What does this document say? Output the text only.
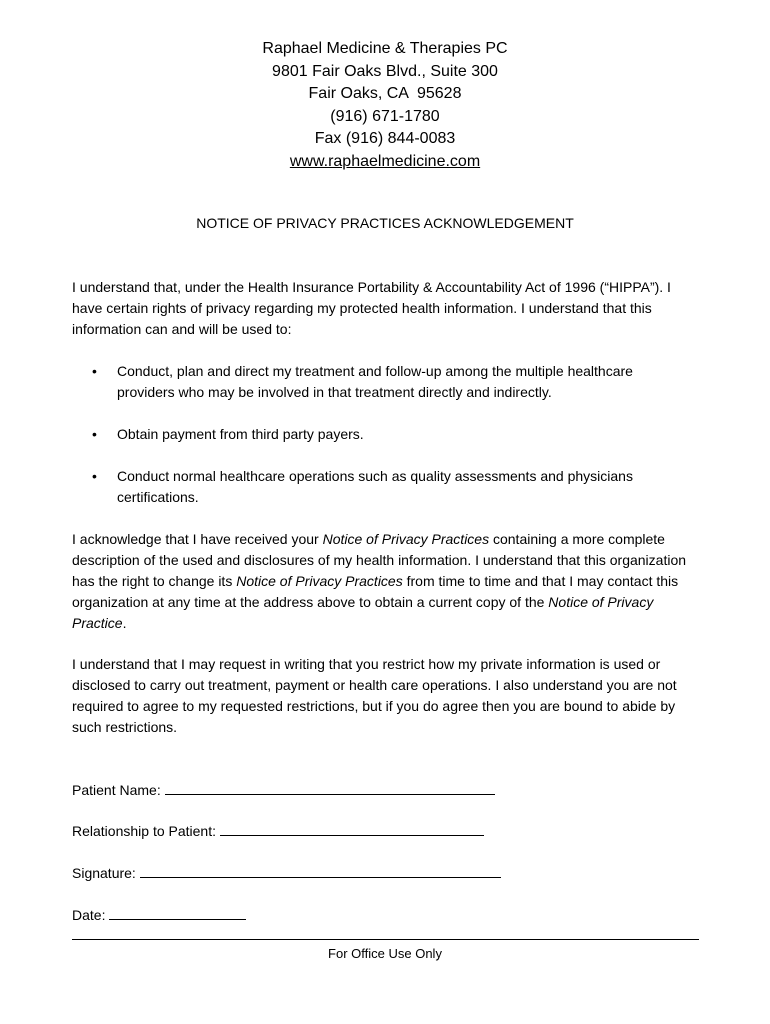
Raphael Medicine & Therapies PC
9801 Fair Oaks Blvd., Suite 300
Fair Oaks, CA  95628
(916) 671-1780
Fax (916) 844-0083
www.raphaelmedicine.com
NOTICE OF PRIVACY PRACTICES ACKNOWLEDGEMENT
I understand that, under the Health Insurance Portability & Accountability Act of 1996 (“HIPPA”). I have certain rights of privacy regarding my protected health information. I understand that this information can and will be used to:
• Conduct, plan and direct my treatment and follow-up among the multiple healthcare providers who may be involved in that treatment directly and indirectly.
• Obtain payment from third party payers.
• Conduct normal healthcare operations such as quality assessments and physicians certifications.
I acknowledge that I have received your Notice of Privacy Practices containing a more complete description of the used and disclosures of my health information. I understand that this organization has the right to change its Notice of Privacy Practices from time to time and that I may contact this organization at any time at the address above to obtain a current copy of the Notice of Privacy Practice.
I understand that I may request in writing that you restrict how my private information is used or disclosed to carry out treatment, payment or health care operations. I also understand you are not required to agree to my requested restrictions, but if you do agree then you are bound to abide by such restrictions.
Patient Name:
Relationship to Patient:
Signature:
Date:
For Office Use Only
